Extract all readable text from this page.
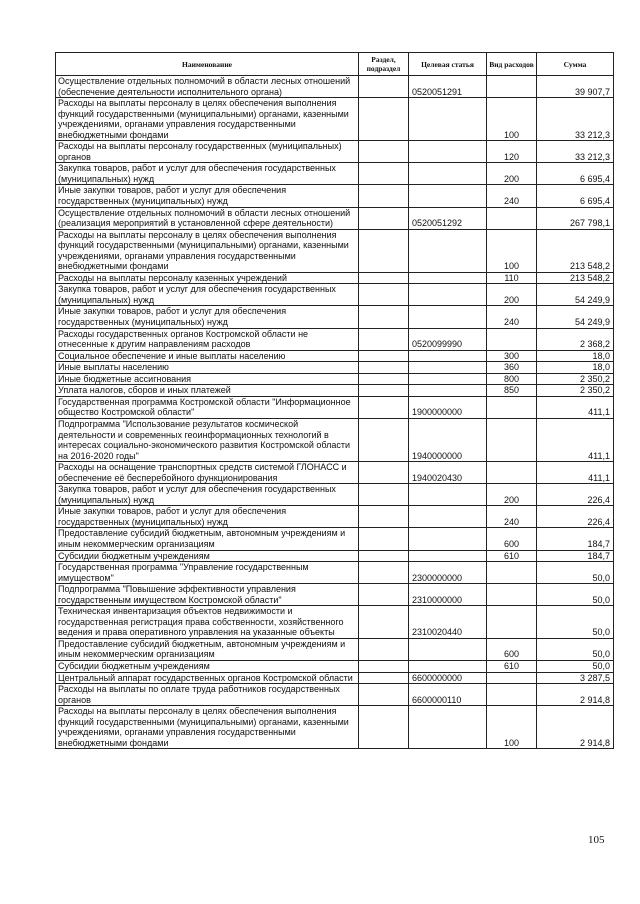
Наименование	Раздел, подраздел	Целевая статья	Вид расходов	Сумма
Осуществление отдельных полномочий в области лесных отношений (обеспечение деятельности исполнительного органа)		0520051291		39 907,7
Расходы на выплаты персоналу в целях обеспечения выполнения функций государственными (муниципальными) органами, казенными учреждениями, органами управления государственными внебюджетными фондами			100	33 212,3
Расходы на выплаты персоналу государственных (муниципальных) органов			120	33 212,3
Закупка товаров, работ и услуг для обеспечения государственных (муниципальных) нужд			200	6 695,4
Иные закупки товаров, работ и услуг для обеспечения государственных (муниципальных) нужд			240	6 695,4
Осуществление отдельных полномочий в области лесных отношений (реализация мероприятий в установленной сфере деятельности)		0520051292		267 798,1
Расходы на выплаты персоналу в целях обеспечения выполнения функций государственными (муниципальными) органами, казенными учреждениями, органами управления государственными внебюджетными фондами			100	213 548,2
Расходы на выплаты персоналу казенных учреждений			110	213 548,2
Закупка товаров, работ и услуг для обеспечения государственных (муниципальных) нужд			200	54 249,9
Иные закупки товаров, работ и услуг для обеспечения государственных (муниципальных) нужд			240	54 249,9
Расходы государственных органов Костромской области не отнесенные к другим направлениям расходов		0520099990		2 368,2
Социальное обеспечение и иные выплаты населению			300	18,0
Иные выплаты населению			360	18,0
Иные бюджетные ассигнования			800	2 350,2
Уплата налогов, сборов и иных платежей			850	2 350,2
Государственная программа Костромской области "Информационное общество Костромской области"		1900000000		411,1
Подпрограмма "Использование результатов космической деятельности и современных геоинформационных технологий в интересах социально-экономического развития Костромской области на 2016-2020 годы"		1940000000		411,1
Расходы на оснащение транспортных средств системой ГЛОНАСС и обеспечение её бесперебойного функционирования		1940020430		411,1
Закупка товаров, работ и услуг для обеспечения государственных (муниципальных) нужд			200	226,4
Иные закупки товаров, работ и услуг для обеспечения государственных (муниципальных) нужд			240	226,4
Предоставление субсидий бюджетным, автономным учреждениям и иным некоммерческим организациям			600	184,7
Субсидии бюджетным учреждениям			610	184,7
Государственная программа "Управление государственным имуществом"		2300000000		50,0
Подпрограмма "Повышение эффективности управления государственным имуществом Костромской области"		2310000000		50,0
Техническая инвентаризация объектов недвижимости и государственная регистрация права собственности, хозяйственного ведения и права оперативного управления на указанные объекты		2310020440		50,0
Предоставление субсидий бюджетным, автономным учреждениям и иным некоммерческим организациям			600	50,0
Субсидии бюджетным учреждениям			610	50,0
Центральный аппарат государственных органов Костромской области		6600000000		3 287,5
Расходы на выплаты по оплате труда работников государственных органов		6600000110		2 914,8
Расходы на выплаты персоналу в целях обеспечения выполнения функций государственными (муниципальными) органами, казенными учреждениями, органами управления государственными внебюджетными фондами			100	2 914,8
105
